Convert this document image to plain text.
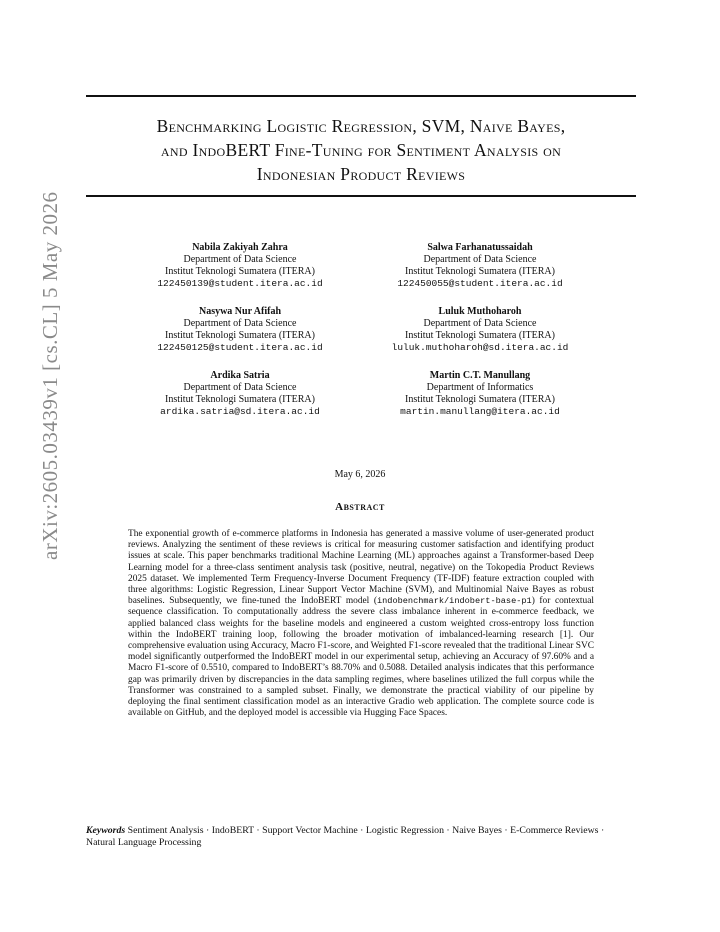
arXiv:2605.03439v1 [cs.CL] 5 May 2026
Benchmarking Logistic Regression, SVM, Naive Bayes,
and IndoBERT Fine-Tuning for Sentiment Analysis on
Indonesian Product Reviews
Nabila Zakiyah Zahra
Department of Data Science
Institut Teknologi Sumatera (ITERA)
122450139@student.itera.ac.id
Salwa Farhanatussaidah
Department of Data Science
Institut Teknologi Sumatera (ITERA)
122450055@student.itera.ac.id
Nasywa Nur Afifah
Department of Data Science
Institut Teknologi Sumatera (ITERA)
122450125@student.itera.ac.id
Luluk Muthoharoh
Department of Data Science
Institut Teknologi Sumatera (ITERA)
luluk.muthoharoh@sd.itera.ac.id
Ardika Satria
Department of Data Science
Institut Teknologi Sumatera (ITERA)
ardika.satria@sd.itera.ac.id
Martin C.T. Manullang
Department of Informatics
Institut Teknologi Sumatera (ITERA)
martin.manullang@itera.ac.id
May 6, 2026
Abstract
The exponential growth of e-commerce platforms in Indonesia has generated a massive volume of user-generated product reviews. Analyzing the sentiment of these reviews is critical for measuring customer satisfaction and identifying product issues at scale. This paper benchmarks traditional Machine Learning (ML) approaches against a Transformer-based Deep Learning model for a three-class sentiment analysis task (positive, neutral, negative) on the Tokopedia Product Reviews 2025 dataset. We implemented Term Frequency-Inverse Document Frequency (TF-IDF) feature extraction coupled with three algorithms: Logistic Regression, Linear Support Vector Machine (SVM), and Multinomial Naive Bayes as robust baselines. Subsequently, we fine-tuned the IndoBERT model (indobenchmark/indobert-base-p1) for contextual sequence classification. To computationally address the severe class imbalance inherent in e-commerce feedback, we applied balanced class weights for the baseline models and engineered a custom weighted cross-entropy loss function within the IndoBERT training loop, following the broader motivation of imbalanced-learning research [1]. Our comprehensive evaluation using Accuracy, Macro F1-score, and Weighted F1-score revealed that the traditional Linear SVC model significantly outperformed the IndoBERT model in our experimental setup, achieving an Accuracy of 97.60% and a Macro F1-score of 0.5510, compared to IndoBERT’s 88.70% and 0.5088. Detailed analysis indicates that this performance gap was primarily driven by discrepancies in the data sampling regimes, where baselines utilized the full corpus while the Transformer was constrained to a sampled subset. Finally, we demonstrate the practical viability of our pipeline by deploying the final sentiment classification model as an interactive Gradio web application. The complete source code is available on GitHub, and the deployed model is accessible via Hugging Face Spaces.
Keywords Sentiment Analysis · IndoBERT · Support Vector Machine · Logistic Regression · Naive Bayes · E-Commerce Reviews · Natural Language Processing
